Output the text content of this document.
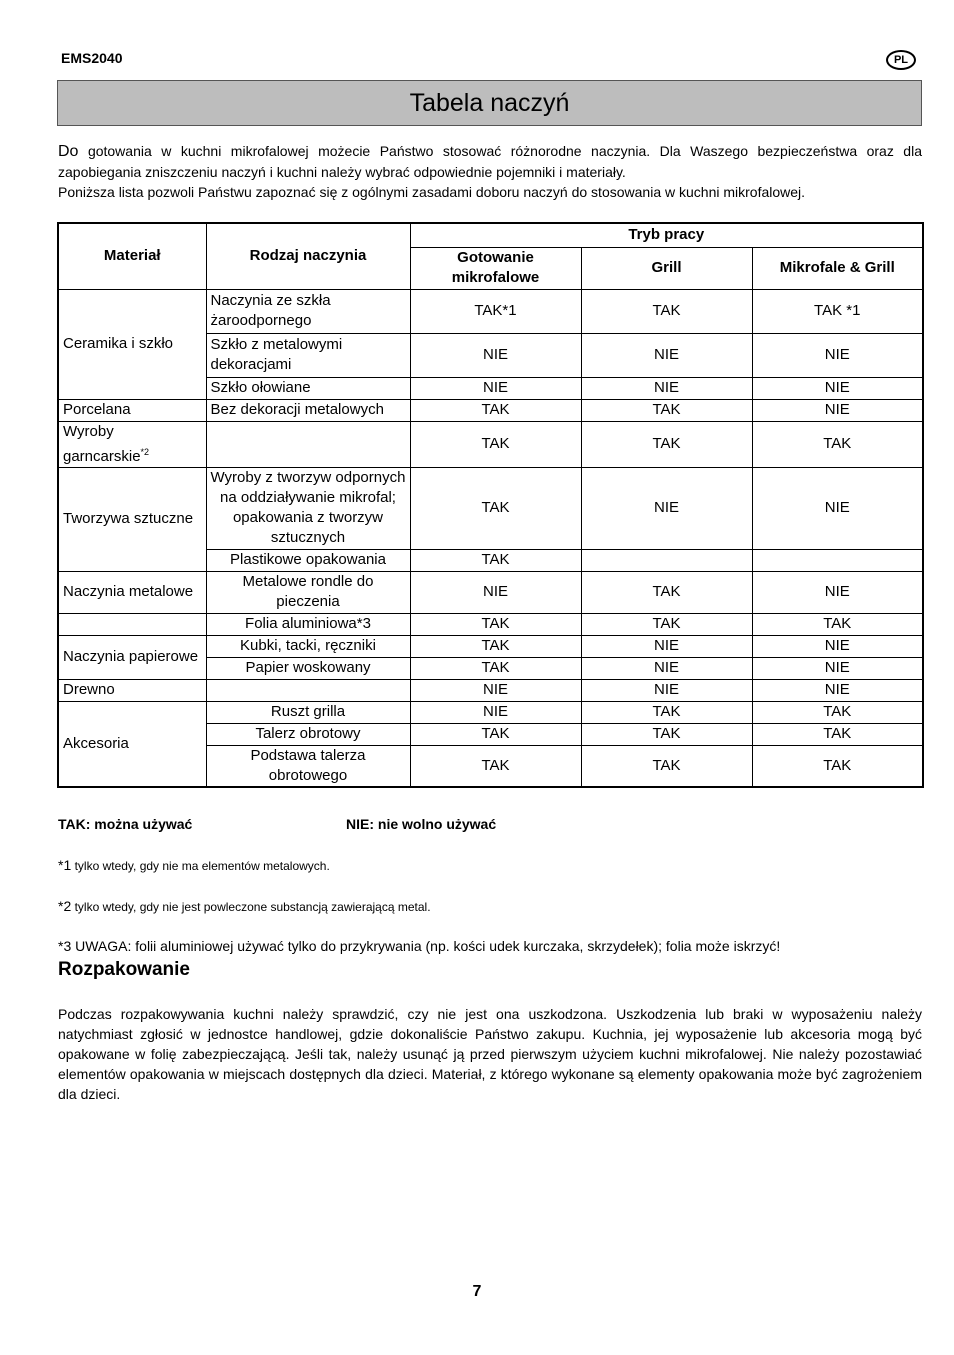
EMS2040	PL
Tabela naczyń

Do gotowania w kuchni mikrofalowej możecie Państwo stosować różnorodne naczynia. Dla Waszego bezpieczeństwa oraz dla zapobiegania zniszczeniu naczyń i kuchni należy wybrać odpowiednie pojemniki i materiały.

Poniższa lista pozwoli Państwu zapoznać się z ogólnymi zasadami doboru naczyń do stosowania w kuchni mikrofalowej.

Materiał	Rodzaj naczynia	Tryb pracy		
		Gotowanie mikrofalowe	Grill	Mikrofale & Grill
Ceramika i szkło	Naczynia ze szkła żaroodpornego	TAK*1	TAK	TAK *1
	Szkło z metalowymi dekoracjami	NIE	NIE	NIE
	Szkło ołowiane	NIE	NIE	NIE
Porcelana	Bez dekoracji metalowych	TAK	TAK	NIE
Wyroby garncarskie$^{*2}$		TAK	TAK	TAK
Tworzywa sztuczne	Wyroby z tworzyw odpornych na oddziaływanie mikrofal; opakowania z tworzyw sztucznych	TAK	NIE	NIE
	Plastikowe opakowania	TAK		
Naczynia metalowe	Metalowe rondle do pieczenia	NIE	TAK	NIE
	Folia aluminiowa*3	TAK	TAK	TAK
Naczynia papierowe	Kubki, tacki, ręczniki	TAK	NIE	NIE
	Papier woskowany	TAK	NIE	NIE
Drewno		NIE	NIE	NIE
Akcesoria	Ruszt grilla	NIE	TAK	TAK
	Talerz obrotowy	TAK	TAK	TAK
	Podstawa talerza obrotowego	TAK	TAK	TAK
TAK: można używać	NIE: nie wolno używać
*1 tylko wtedy, gdy nie ma elementów metalowych.
*2 tylko wtedy, gdy nie jest powleczone substancją zawierającą metal.
*3 UWAGA: folii aluminiowej używać tylko do przykrywania (np. kości udek kurczaka, skrzydełek); folia może iskrzyć!
Rozpakowanie
Podczas rozpakowywania kuchni należy sprawdzić, czy nie jest ona uszkodzona. Uszkodzenia lub braki w wyposażeniu należy natychmiast zgłosić w jednostce handlowej, gdzie dokonaliście Państwo zakupu. Kuchnia, jej wyposażenie lub akcesoria mogą być opakowane w folię zabezpieczającą. Jeśli tak, należy usunąć ją przed pierwszym użyciem kuchni mikrofalowej. Nie należy pozostawiać elementów opakowania w miejscach dostępnych dla dzieci. Materiał, z którego wykonane są elementy opakowania może być zagrożeniem dla dzieci.
7
